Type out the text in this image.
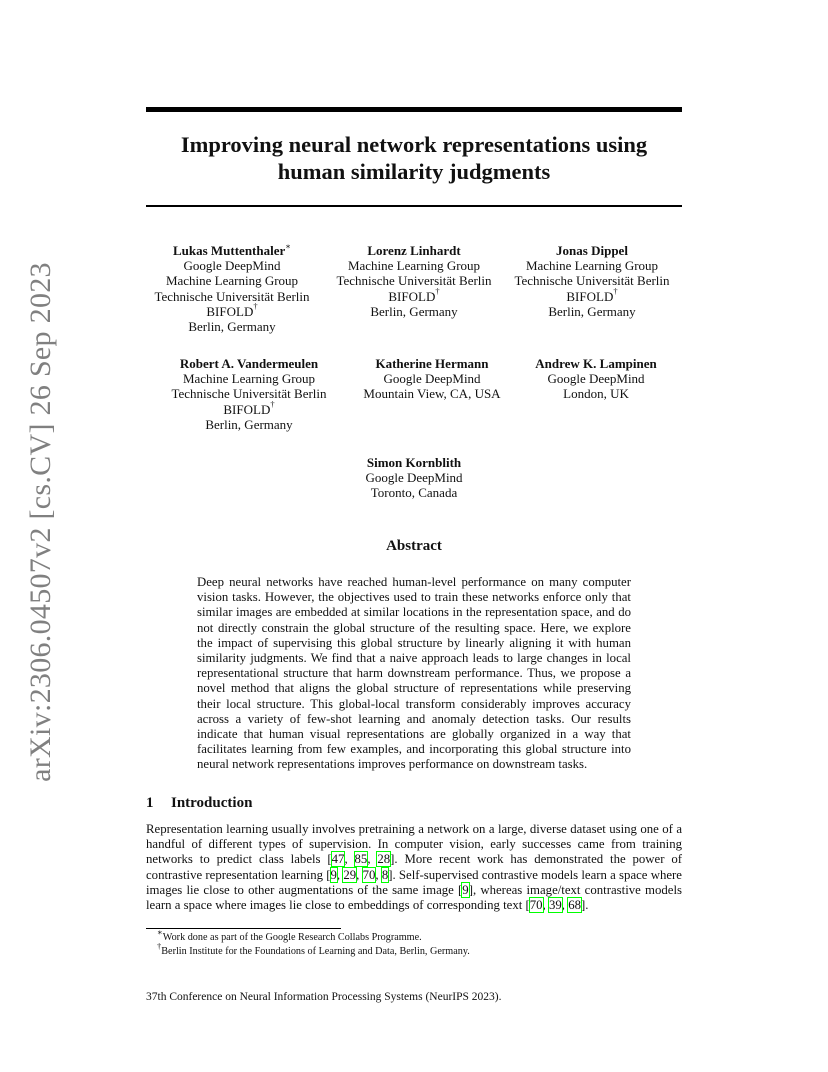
arXiv:2306.04507v2 [cs.CV] 26 Sep 2023
Improving neural network representations using
human similarity judgments
Lukas Muttenthaler∗
Google DeepMind
Machine Learning Group
Technische Universität Berlin
BIFOLD†
Berlin, Germany
Lorenz Linhardt
Machine Learning Group
Technische Universität Berlin
BIFOLD†
Berlin, Germany
Jonas Dippel
Machine Learning Group
Technische Universität Berlin
BIFOLD†
Berlin, Germany
Robert A. Vandermeulen
Machine Learning Group
Technische Universität Berlin
BIFOLD†
Berlin, Germany
Katherine Hermann
Google DeepMind
Mountain View, CA, USA
Andrew K. Lampinen
Google DeepMind
London, UK
Simon Kornblith
Google DeepMind
Toronto, Canada
Abstract
Deep neural networks have reached human-level performance on many computer vision tasks. However, the objectives used to train these networks enforce only that similar images are embedded at similar locations in the representation space, and do not directly constrain the global structure of the resulting space. Here, we explore the impact of supervising this global structure by linearly aligning it with human similarity judgments. We find that a naive approach leads to large changes in local representational structure that harm downstream performance. Thus, we propose a novel method that aligns the global structure of representations while preserving their local structure. This global-local transform considerably improves accuracy across a variety of few-shot learning and anomaly detection tasks. Our results indicate that human visual representations are globally organized in a way that facilitates learning from few examples, and incorporating this global structure into neural network representations improves performance on downstream tasks.
1 Introduction
Representation learning usually involves pretraining a network on a large, diverse dataset using one of a handful of different types of supervision. In computer vision, early successes came from training networks to predict class labels [47, 85, 28]. More recent work has demonstrated the power of contrastive representation learning [9, 29, 70, 8]. Self-supervised contrastive models learn a space where images lie close to other augmentations of the same image [9], whereas image/text contrastive models learn a space where images lie close to embeddings of corresponding text [70, 39, 68].
∗Work done as part of the Google Research Collabs Programme.
†Berlin Institute for the Foundations of Learning and Data, Berlin, Germany.
37th Conference on Neural Information Processing Systems (NeurIPS 2023).
